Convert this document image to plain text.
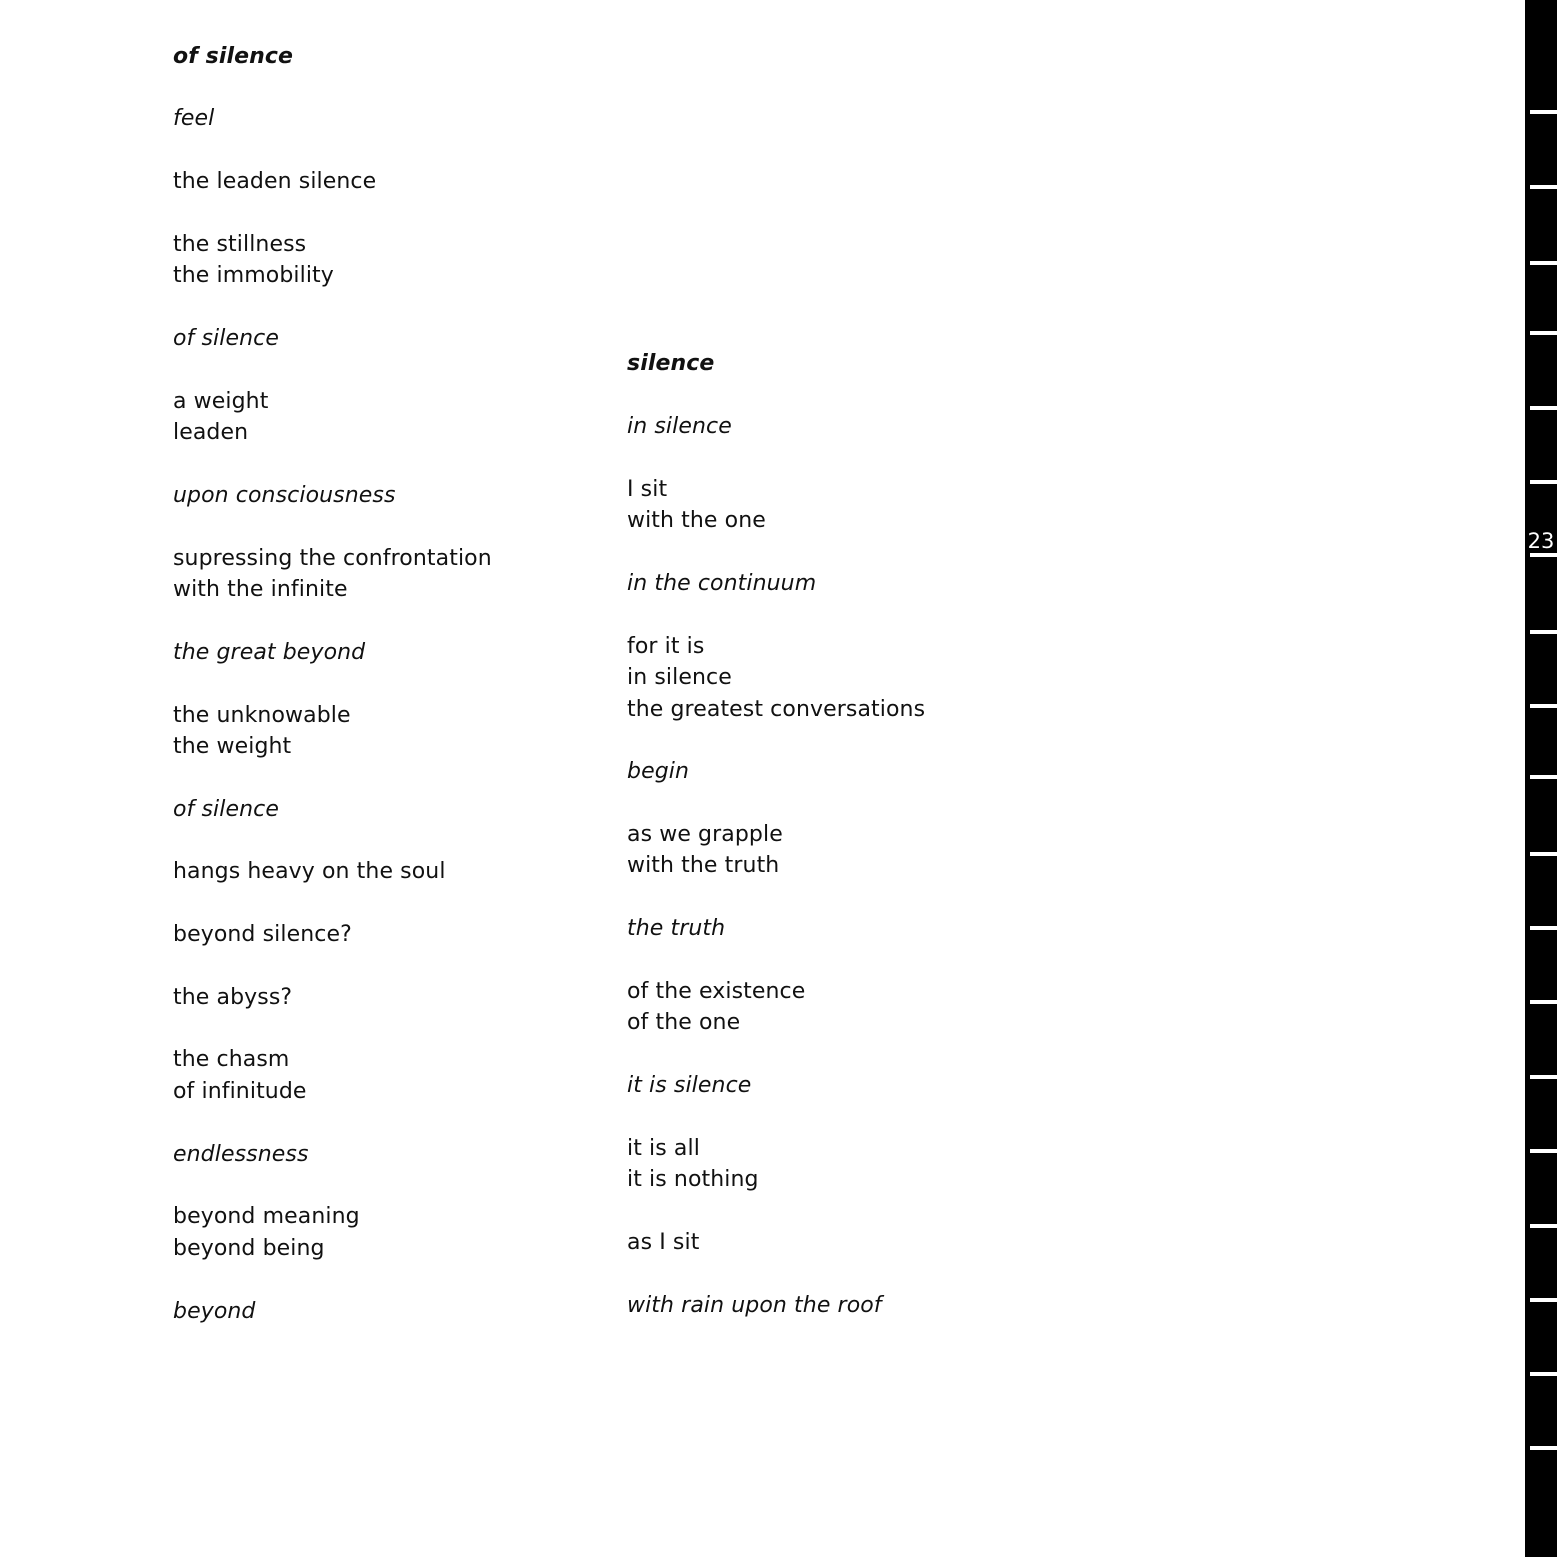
of silence
feel
the leaden silence
the stillness
the immobility
of silence
a weight
leaden
upon consciousness
supressing the confrontation
with the infinite
the great beyond
the unknowable
the weight
of silence
hangs heavy on the soul
beyond silence?
the abyss?
the chasm
of infinitude
endlessness
beyond meaning
beyond being
beyond
silence
in silence
I sit
with the one
in the continuum
for it is
in silence
the greatest conversations
begin
as we grapple
with the truth
the truth
of the existence
of the one
it is silence
it is all
it is nothing
as I sit
with rain upon the roof
23
